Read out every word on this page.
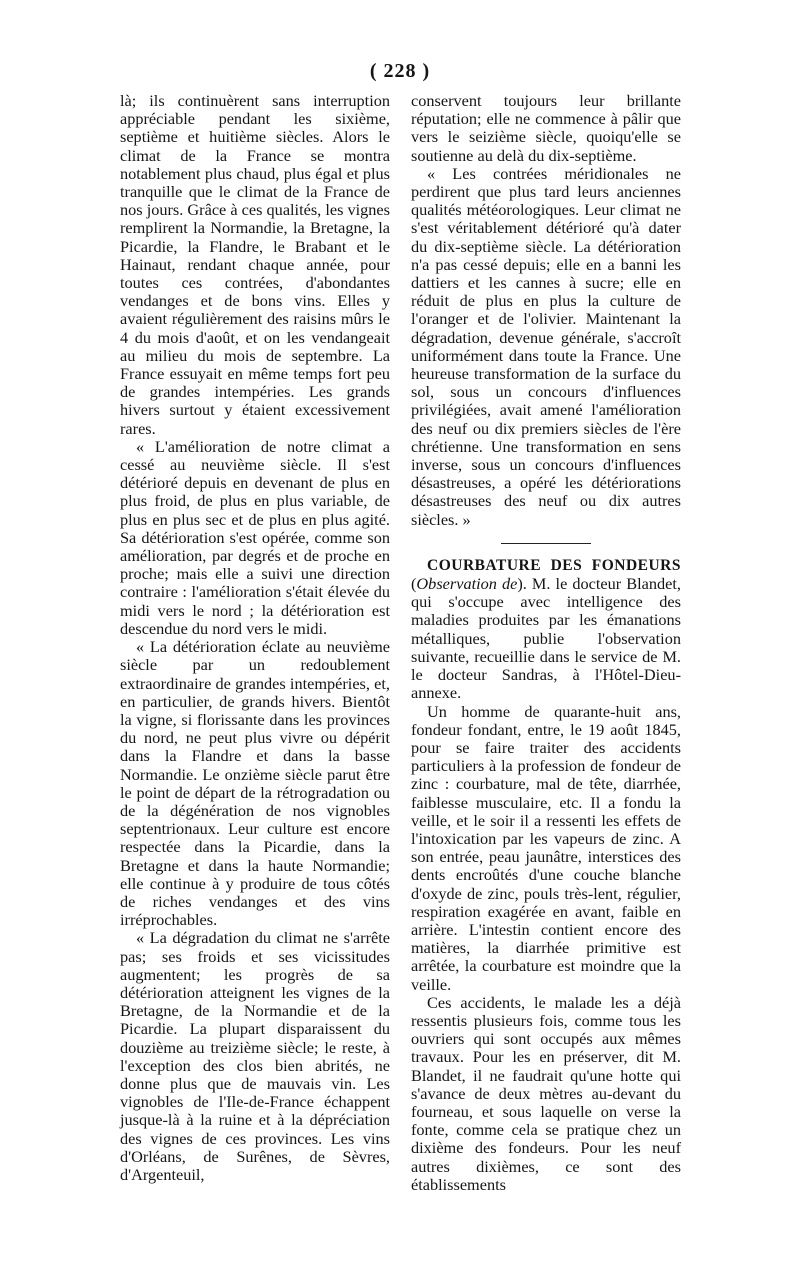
( 228 )

là; ils continuèrent sans interruption appréciable pendant les sixième, septième et huitième siècles. Alors le climat de la France se montra notablement plus chaud, plus égal et plus tranquille que le climat de la France de nos jours. Grâce à ces qualités, les vignes remplirent la Normandie, la Bretagne, la Picardie, la Flandre, le Brabant et le Hainaut, rendant chaque année, pour toutes ces contrées, d'abondantes vendanges et de bons vins. Elles y avaient régulièrement des raisins mûrs le 4 du mois d'août, et on les vendangeait au milieu du mois de septembre. La France essuyait en même temps fort peu de grandes intempéries. Les grands hivers surtout y étaient excessivement rares.

« L'amélioration de notre climat a cessé au neuvième siècle. Il s'est détérioré depuis en devenant de plus en plus froid, de plus en plus variable, de plus en plus sec et de plus en plus agité. Sa détérioration s'est opérée, comme son amélioration, par degrés et de proche en proche; mais elle a suivi une direction contraire : l'amélioration s'était élevée du midi vers le nord ; la détérioration est descendue du nord vers le midi.

« La détérioration éclate au neuvième siècle par un redoublement extraordinaire de grandes intempéries, et, en particulier, de grands hivers. Bientôt la vigne, si florissante dans les provinces du nord, ne peut plus vivre ou dépérit dans la Flandre et dans la basse Normandie. Le onzième siècle parut être le point de départ de la rétrogradation ou de la dégénération de nos vignobles septentrionaux. Leur culture est encore respectée dans la Picardie, dans la Bretagne et dans la haute Normandie; elle continue à y produire de tous côtés de riches vendanges et des vins irréprochables.

« La dégradation du climat ne s'arrête pas; ses froids et ses vicissitudes augmentent; les progrès de sa détérioration atteignent les vignes de la Bretagne, de la Normandie et de la Picardie. La plupart disparaissent du douzième au treizième siècle; le reste, à l'exception des clos bien abrités, ne donne plus que de mauvais vin. Les vignobles de l'Ile-de-France échappent jusque-là à la ruine et à la dépréciation des vignes de ces provinces. Les vins d'Orléans, de Surênes, de Sèvres, d'Argenteuil,

conservent toujours leur brillante réputation; elle ne commence à pâlir que vers le seizième siècle, quoiqu'elle se soutienne au delà du dix-septième.

« Les contrées méridionales ne perdirent que plus tard leurs anciennes qualités météorologiques. Leur climat ne s'est véritablement détérioré qu'à dater du dix-septième siècle. La détérioration n'a pas cessé depuis; elle en a banni les dattiers et les cannes à sucre; elle en réduit de plus en plus la culture de l'oranger et de l'olivier. Maintenant la dégradation, devenue générale, s'accroît uniformément dans toute la France. Une heureuse transformation de la surface du sol, sous un concours d'influences privilégiées, avait amené l'amélioration des neuf ou dix premiers siècles de l'ère chrétienne. Une transformation en sens inverse, sous un concours d'influences désastreuses, a opéré les détériorations désastreuses des neuf ou dix autres siècles. »

COURBATURE DES FONDEURS (Observation de). M. le docteur Blandet, qui s'occupe avec intelligence des maladies produites par les émanations métalliques, publie l'observation suivante, recueillie dans le service de M. le docteur Sandras, à l'Hôtel-Dieu-annexe.

Un homme de quarante-huit ans, fondeur fondant, entre, le 19 août 1845, pour se faire traiter des accidents particuliers à la profession de fondeur de zinc : courbature, mal de tête, diarrhée, faiblesse musculaire, etc. Il a fondu la veille, et le soir il a ressenti les effets de l'intoxication par les vapeurs de zinc. A son entrée, peau jaunâtre, interstices des dents encroûtés d'une couche blanche d'oxyde de zinc, pouls très-lent, régulier, respiration exagérée en avant, faible en arrière. L'intestin contient encore des matières, la diarrhée primitive est arrêtée, la courbature est moindre que la veille.

Ces accidents, le malade les a déjà ressentis plusieurs fois, comme tous les ouvriers qui sont occupés aux mêmes travaux. Pour les en préserver, dit M. Blandet, il ne faudrait qu'une hotte qui s'avance de deux mètres au-devant du fourneau, et sous laquelle on verse la fonte, comme cela se pratique chez un dixième des fondeurs. Pour les neuf autres dixièmes, ce sont des établissements
